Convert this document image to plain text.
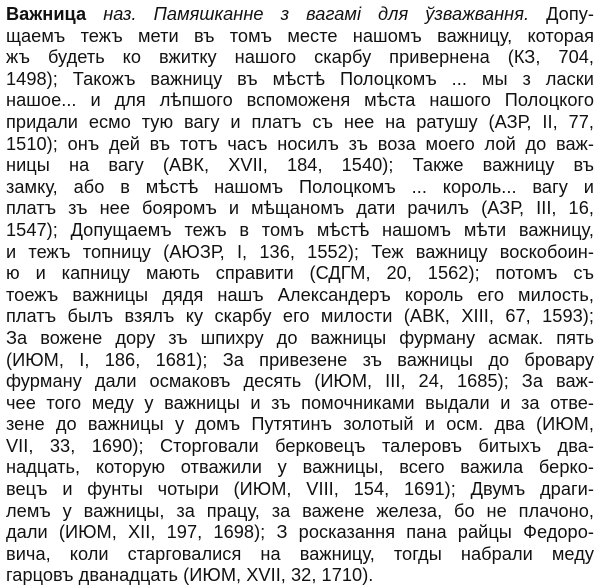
Важница наз. Памяшканне з вагамі для ўзважвання. Допу-
щаемъ тежъ мети въ томъ месте нашомъ важницу, которая
жъ будеть ко вжитку нашого скарбу привернена (КЗ, 704,
1498); Такожъ важницу въ мѣстѣ Полоцкомъ ... мы з ласки
нашое... и для лѣпшого вспоможеня мѣста нашого Полоцкого
придали есмо тую вагу и платъ съ нее на ратушу (АЗР, II, 77,
1510); онъ дей въ тотъ часъ носилъ зъ воза моего лой до важ-
ницы на вагу (АВК, XVII, 184, 1540); Также важницу въ
замку, або в мѣстѣ нашомъ Полоцкомъ ... король... вагу и
платъ зъ нее бояромъ и мѣщаномъ дати рачилъ (АЗР, III, 16,
1547); Допущаемъ тежъ в томъ мѣстѣ нашомъ мѣти важницу,
и тежъ топницу (АЮЗР, I, 136, 1552); Теж важницу воскобоин-
ю и капницу мають справити (СДГМ, 20, 1562); потомъ съ
тоежъ важницы дядя нашъ Александеръ король его милость,
платъ былъ взялъ ку скарбу его милости (АВК, XIII, 67, 1593);
За вожене дору зъ шпихру до важницы фурману асмак. пять
(ИЮМ, I, 186, 1681); За привезене зъ важницы до бровару
фурману дали осмаковъ десять (ИЮМ, III, 24, 1685); За важ-
чее того меду у важницы и зъ помочниками выдали и за отве-
зене до важницы у домъ Путятинъ золотый и осм. два (ИЮМ,
VII, 33, 1690); Сторговали берковецъ талеровъ битыхъ два-
надцать, которую отважили у важницы, всего важила берко-
вецъ и фунты чотыри (ИЮМ, VIII, 154, 1691); Двумъ драги-
лемъ у важницы, за працу, за важене железа, бо не плачоно,
дали (ИЮМ, XII, 197, 1698); З росказання пана райцы Федоро-
вича, коли старговалися на важницу, тогды набрали меду
гарцовъ дванадцать (ИЮМ, XVII, 32, 1710).
